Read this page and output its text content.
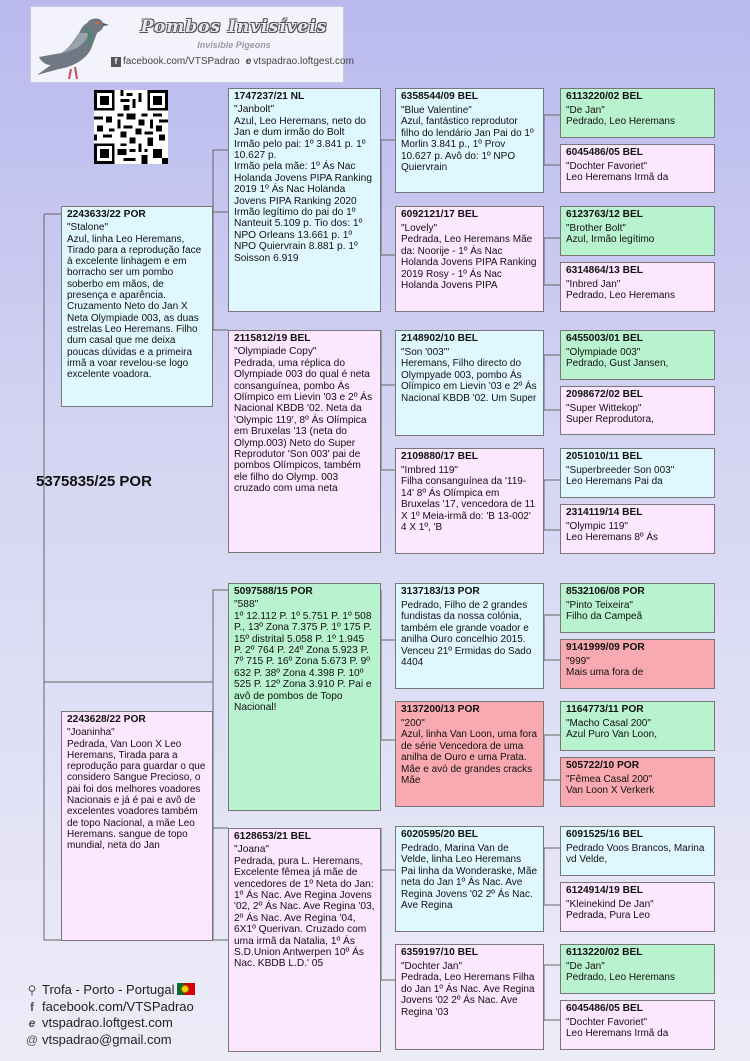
Pombos Invisíveis
Invisible Pigeons
f facebook.com/VTSPadrao e vtspadrao.loftgest.com
5375835/25 POR
2243633/22 POR
"Stalone"
Azul, linha Leo Heremans, Tirado para a reprodução face à excelente linhagem e em borracho ser um pombo soberbo em mãos, de presença e aparência. Cruzamento Neto do Jan X Neta Olympiade 003, as duas estrelas Leo Heremans. Filho dum casal que me deixa poucas dúvidas e a primeira irmã a voar revelou-se logo excelente voadora.
2243628/22 POR
"Joaninha"
Pedrada, Van Loon X Leo Heremans, Tirada para a reprodução para guardar o que considero Sangue Precioso, o pai foi dos melhores voadores Nacionais e já é pai e avô de excelentes voadores também de topo Nacional, a mãe Leo Heremans. sangue de topo mundial, neta do Jan
1747237/21 NL
"Janbolt"
Azul, Leo Heremans, neto do Jan e dum irmão do Bolt
Irmão pelo pai: 1º 3.841 p. 1º 10.627 p.
Irmão pela mãe: 1º Ás Nac Holanda Jovens PIPA Ranking 2019 1º Ás Nac Holanda Jovens PIPA Ranking 2020
Irmão legítimo do pai do 1º Nanteuit 5.109 p. Tio dos: 1º NPO Orleans 13.661 p. 1º NPO Quiervrain 8.881 p. 1º Soisson 6.919
2115812/19 BEL
"Olympiade Copy"
Pedrada, uma réplica do Olympiade 003 do qual é neta consanguínea, pombo Ás Olímpico em Lievin '03 e 2º Ás Nacional KBDB '02. Neta da 'Olympic 119', 8º Ás Olímpica em Bruxelas '13 (neta do Olymp.003) Neto do Super Reprodutor 'Son 003' pai de pombos Olímpicos, também ele filho do Olymp. 003 cruzado com uma neta
5097588/15 POR
"588"
1º 12.112 P. 1º 5.751 P. 1º 508 P., 13º Zona 7.375 P. 1º 175 P. 15º distrital 5.058 P. 1º 1.945 P. 2º 764 P. 24º Zona 5.923 P. 7º 715 P. 16º Zona 5.673 P. 9º 632 P. 38º Zona 4.398 P. 10º 525 P. 12º Zona 3.910 P. Pai e avô de pombos de Topo Nacional!
6128653/21 BEL
"Joana"
Pedrada, pura L. Heremans, Excelente fêmea já mãe de vencedores de 1º Neta do Jan: 1º Ás Nac. Ave Regina Jovens '02, 2º Ás Nac. Ave Regina '03, 2º Ás Nac. Ave Regina '04, 6X1º Querivan. Cruzado com uma irmã da Natalia, 1º Ás S.D.Union Antwerpen 10º Ás Nac. KBDB L.D.' 05
6358544/09 BEL
"Blue Valentine"
Azul, fantástico reprodutor filho do lendário Jan Pai do 1º Morlin 3.841 p., 1º Prov 10.627 p. Avô do: 1º NPO Quiervrain
6092121/17 BEL
"Lovely"
Pedrada, Leo Heremans Mãe da: Noorije - 1º Ás Nac Holanda Jovens PIPA Ranking 2019 Rosy - 1º Ás Nac Holanda Jovens PIPA
2148902/10 BEL
"Son '003'"
Heremans, Filho directo do Olympyade 003, pombo Ás Olímpico em Lievin '03 e 2º Ás Nacional KBDB '02. Um Super
2109880/17 BEL
"Imbred 119"
Filha consanguínea da '119-14' 8º Ás Olímpica em Bruxelas '17, vencedora de 11 X 1º Meia-irmã do: 'B 13-002' 4 X 1º, 'B
3137183/13 POR
Pedrado, Filho de 2 grandes fundistas da nossa colónia, também ele grande voador e anilha Ouro concelhio 2015. Venceu 21º Ermidas do Sado 4404
3137200/13 POR
"200"
Azul, linha Van Loon, uma fora de série Vencedora de uma anilha de Ouro e uma Prata. Mãe e avó de grandes cracks Mãe
6020595/20 BEL
Pedrado, Marina Van de Velde, linha Leo Heremans Pai linha da Wonderaske, Mãe neta do Jan 1º Ás Nac. Ave Regina Jovens '02 2º Ás Nac. Ave Regina
6359197/10 BEL
"Dochter Jan"
Pedrada, Leo Heremans Filha do Jan 1º Ás Nac. Ave Regina Jovens '02 2º Ás Nac. Ave Regina '03
6113220/02 BEL
"De Jan"
Pedrado, Leo Heremans
6045486/05 BEL
"Dochter Favoriet"
Leo Heremans Irmã da
6123763/12 BEL
"Brother Bolt"
Azul, Irmão legítimo
6314864/13 BEL
"Inbred Jan"
Pedrado, Leo Heremans
6455003/01 BEL
"Olympiade 003"
Pedrado, Gust Jansen,
2098672/02 BEL
"Super Wittekop"
Super Reprodutora,
2051010/11 BEL
"Superbreeder Son 003"
Leo Heremans Pai da
2314119/14 BEL
"Olympic 119"
Leo Heremans 8º Ás
8532106/08 POR
"Pinto Teixeira"
Filho da Campeã
9141999/09 POR
"999"
Mais uma fora de
1164773/11 POR
"Macho Casal 200"
Azul Puro Van Loon,
505722/10 POR
"Fêmea Casal 200"
Van Loon X Verkerk
6091525/16 BEL
Pedrado Voos Brancos, Marina vd Velde,
6124914/19 BEL
"Kleinekind De Jan"
Pedrada, Pura Leo
6113220/02 BEL
"De Jan"
Pedrado, Leo Heremans
6045486/05 BEL
"Dochter Favoriet"
Leo Heremans Irmã da
⚲ Trofa - Porto - Portugal
f facebook.com/VTSPadrao
e vtspadrao.loftgest.com
@ vtspadrao@gmail.com
